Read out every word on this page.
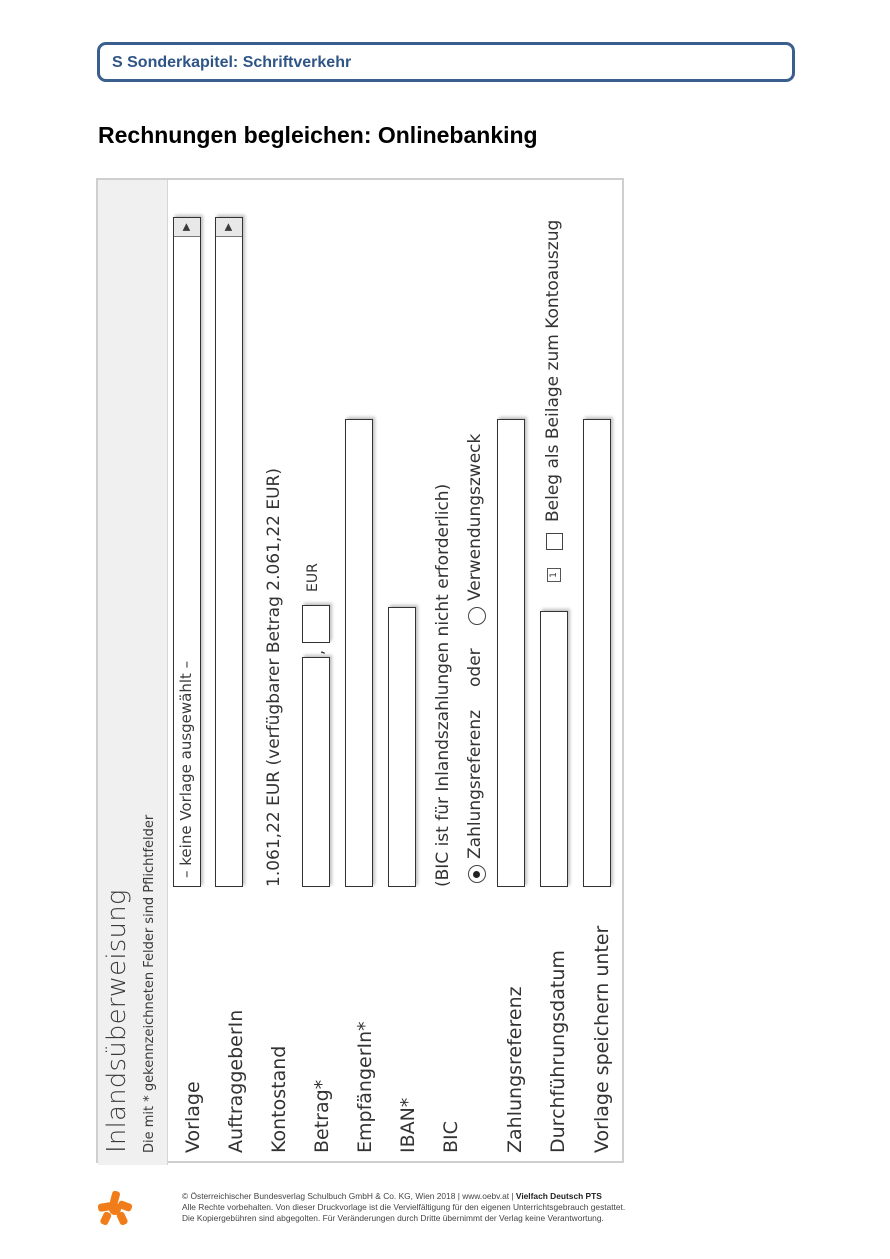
S Sonderkapitel: Schriftverkehr
Rechnungen begleichen: Onlinebanking
Inlandsüberweisung Die mit * gekennzeichneten Felder sind Pflichtfelder Vorlage
– keine Vorlage ausgewählt –
▶
AuftraggeberIn
▶
Kontostand
1.061,22 EUR (verfügbarer Betrag 2.061,22 EUR)
Betrag*
,
EUR
EmpfängerIn* IBAN* BIC
(BIC ist für Inlandszahlungen nicht erforderlich) Zahlungsreferenz
oder
Verwendungszweck
Zahlungsreferenz Durchführungsdatum
1
Beleg als Beilage zum Kontoauszug
Vorlage speichern unter
© Österreichischer Bundesverlag Schulbuch GmbH & Co. KG, Wien 2018 | www.oebv.at | Vielfach Deutsch PTS
Alle Rechte vorbehalten. Von dieser Druckvorlage ist die Vervielfältigung für den eigenen Unterrichtsgebrauch gestattet.
Die Kopiergebühren sind abgegolten. Für Veränderungen durch Dritte übernimmt der Verlag keine Verantwortung.
